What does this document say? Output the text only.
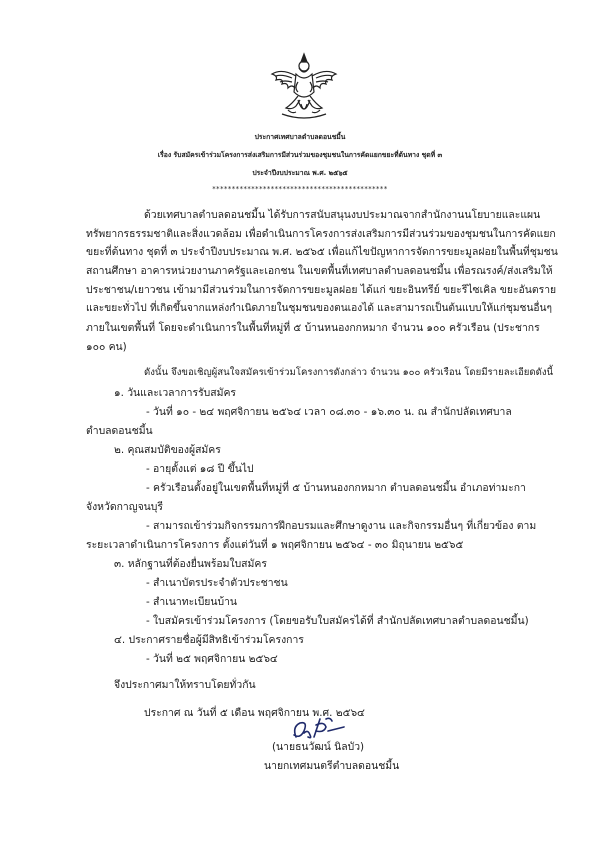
ประกาศเทศบาลตำบลดอนชมี้น
เรื่อง รับสมัครเข้าร่วมโครงการส่งเสริมการมีส่วนร่วมของชุมชนในการคัดแยกขยะที่ต้นทาง ชุดที่ ๓
ประจำปีงบประมาณ พ.ศ. ๒๕๖๕
*********************************************
ด้วยเทศบาลตำบลดอนชมี้น ได้รับการสนับสนุนงบประมาณจากสำนักงานนโยบายและแผน
ทรัพยากรธรรมชาติและสิ่งแวดล้อม เพื่อดำเนินการโครงการส่งเสริมการมีส่วนร่วมของชุมชนในการคัดแยก
ขยะที่ต้นทาง ชุดที่ ๓ ประจำปีงบประมาณ พ.ศ. ๒๕๖๕ เพื่อแก้ไขปัญหาการจัดการขยะมูลฝอยในพื้นที่ชุมชน
สถานศึกษา อาคารหน่วยงานภาครัฐและเอกชน ในเขตพื้นที่เทศบาลตำบลดอนชมี้น เพื่อรณรงค์/ส่งเสริมให้
ประชาชน/เยาวชน เข้ามามีส่วนร่วมในการจัดการขยะมูลฝอย ได้แก่ ขยะอินทรีย์ ขยะรีไซเคิล ขยะอันตราย
และขยะทั่วไป ที่เกิดขึ้นจากแหล่งกำเนิดภายในชุมชนของตนเองได้ และสามารถเป็นต้นแบบให้แก่ชุมชนอื่นๆ
ภายในเขตพื้นที่ โดยจะดำเนินการในพื้นที่หมู่ที่ ๕ บ้านหนองกกหมาก จำนวน ๑๐๐ ครัวเรือน (ประชากร
๑๐๐ คน)
ดังนั้น จึงขอเชิญผู้สนใจสมัครเข้าร่วมโครงการดังกล่าว จำนวน ๑๐๐ ครัวเรือน โดยมีรายละเอียดดังนี้
๑. วันและเวลาการรับสมัคร
- วันที่ ๑๐ - ๒๔ พฤศจิกายน ๒๕๖๔ เวลา ๐๘.๓๐ - ๑๖.๓๐ น. ณ สำนักปลัดเทศบาล
ตำบลดอนชมี้น
๒. คุณสมบัติของผู้สมัคร
- อายุตั้งแต่ ๑๘ ปี ขึ้นไป
- ครัวเรือนตั้งอยู่ในเขตพื้นที่หมู่ที่ ๕ บ้านหนองกกหมาก ตำบลดอนชมี้น อำเภอท่ามะกา
จังหวัดกาญจนบุรี
- สามารถเข้าร่วมกิจกรรมการฝึกอบรมและศึกษาดูงาน และกิจกรรมอื่นๆ ที่เกี่ยวข้อง ตาม
ระยะเวลาดำเนินการโครงการ ตั้งแต่วันที่ ๑ พฤศจิกายน ๒๕๖๔ - ๓๐ มิถุนายน ๒๕๖๕
๓. หลักฐานที่ต้องยื่นพร้อมใบสมัคร
- สำเนาบัตรประจำตัวประชาชน
- สำเนาทะเบียนบ้าน
- ใบสมัครเข้าร่วมโครงการ (โดยขอรับใบสมัครได้ที่ สำนักปลัดเทศบาลตำบลดอนชมี้น)
๔. ประกาศรายชื่อผู้มีสิทธิเข้าร่วมโครงการ
- วันที่ ๒๕ พฤศจิกายน ๒๕๖๔
จึงประกาศมาให้ทราบโดยทั่วกัน
ประกาศ ณ วันที่ ๕ เดือน พฤศจิกายน พ.ศ. ๒๕๖๔
(นายธนวัฒน์ นิลบัว)
นายกเทศมนตรีตำบลดอนชมี้น
